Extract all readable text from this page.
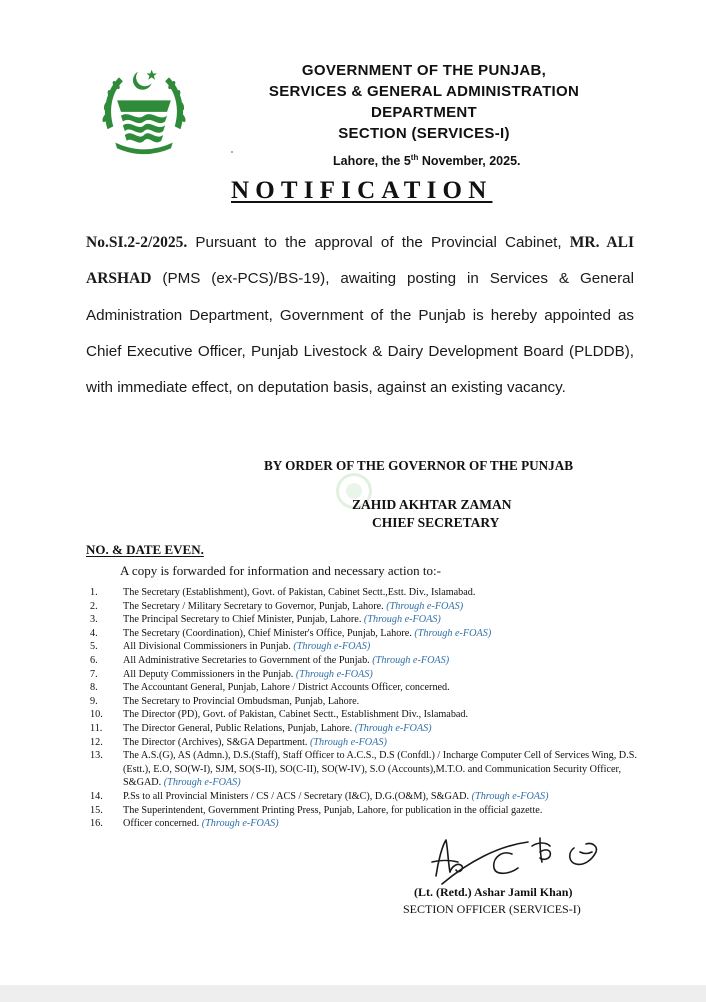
GOVERNMENT OF THE PUNJAB,
SERVICES & GENERAL ADMINISTRATION
DEPARTMENT
SECTION (SERVICES-I)
Lahore, the 5th November, 2025.
NOTIFICATION
No.SI.2-2/2025. Pursuant to the approval of the Provincial Cabinet, MR. ALI ARSHAD (PMS (ex-PCS)/BS-19), awaiting posting in Services & General Administration Department, Government of the Punjab is hereby appointed as Chief Executive Officer, Punjab Livestock & Dairy Development Board (PLDDB), with immediate effect, on deputation basis, against an existing vacancy.
BY ORDER OF THE GOVERNOR OF THE PUNJAB
ZAHID AKHTAR ZAMAN
CHIEF SECRETARY
NO. & DATE EVEN.
A copy is forwarded for information and necessary action to:-
1.	The Secretary (Establishment), Govt. of Pakistan, Cabinet Sectt.,Estt. Div., Islamabad.
2.	The Secretary / Military Secretary to Governor, Punjab, Lahore. (Through e-FOAS)
3.	The Principal Secretary to Chief Minister, Punjab, Lahore. (Through e-FOAS)
4.	The Secretary (Coordination), Chief Minister's Office, Punjab, Lahore. (Through e-FOAS)
5.	All Divisional Commissioners in Punjab. (Through e-FOAS)
6.	All Administrative Secretaries to Government of the Punjab. (Through e-FOAS)
7.	All Deputy Commissioners in the Punjab. (Through e-FOAS)
8.	The Accountant General, Punjab, Lahore / District Accounts Officer, concerned.
9.	The Secretary to Provincial Ombudsman, Punjab, Lahore.
10.	The Director (PD), Govt. of Pakistan, Cabinet Sectt., Establishment Div., Islamabad.
11.	The Director General, Public Relations, Punjab, Lahore. (Through e-FOAS)
12.	The Director (Archives), S&GA Department. (Through e-FOAS)
13.	The A.S.(G), AS (Admn.), D.S.(Staff), Staff Officer to A.C.S., D.S (Confdl.) / Incharge Computer Cell of Services Wing, D.S.(Estt.), E.O, SO(W-I), SJM, SO(S-II), SO(C-II), SO(W-IV), S.O (Accounts),M.T.O. and Communication Security Officer, S&GAD. (Through e-FOAS)
14.	P.Ss to all Provincial Ministers / CS / ACS / Secretary (I&C), D.G.(O&M), S&GAD. (Through e-FOAS)
15.	The Superintendent, Government Printing Press, Punjab, Lahore, for publication in the official gazette.
16.	Officer concerned. (Through e-FOAS)
(Lt. (Retd.) Ashar Jamil Khan)
SECTION OFFICER (SERVICES-I)
